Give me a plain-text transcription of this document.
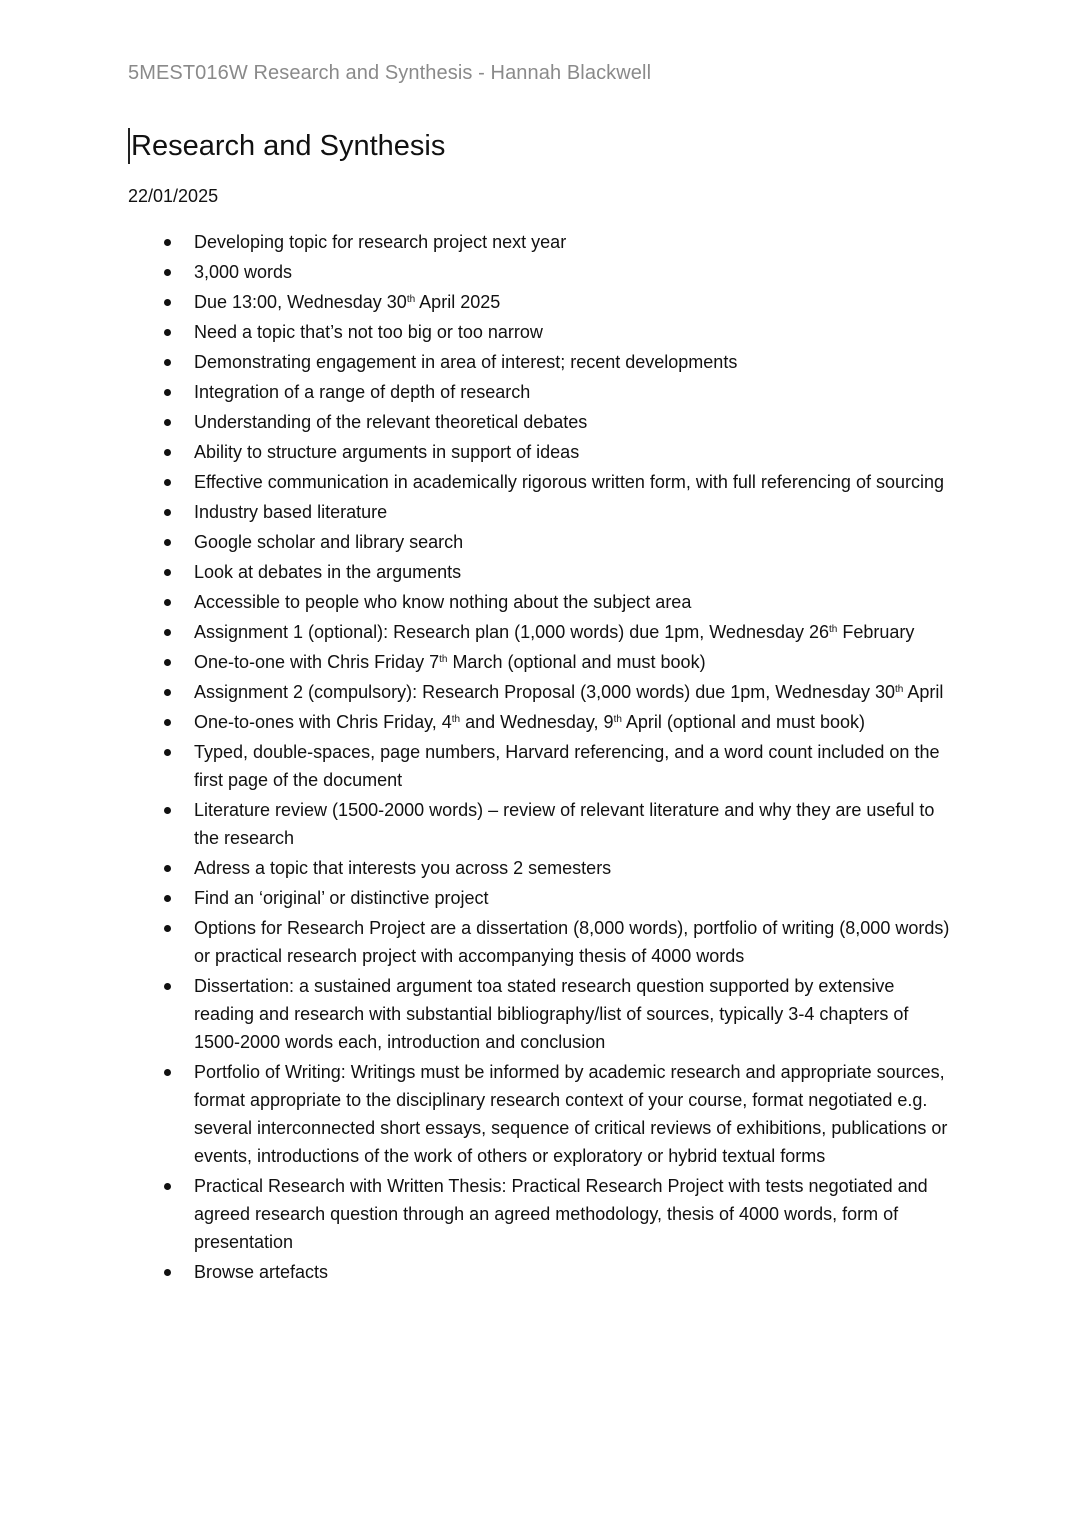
5MEST016W Research and Synthesis - Hannah Blackwell
Research and Synthesis
22/01/2025
Developing topic for research project next year
3,000 words
Due 13:00, Wednesday 30th April 2025
Need a topic that’s not too big or too narrow
Demonstrating engagement in area of interest; recent developments
Integration of a range of depth of research
Understanding of the relevant theoretical debates
Ability to structure arguments in support of ideas
Effective communication in academically rigorous written form, with full referencing of sourcing
Industry based literature
Google scholar and library search
Look at debates in the arguments
Accessible to people who know nothing about the subject area
Assignment 1 (optional): Research plan (1,000 words) due 1pm, Wednesday 26th February
One-to-one with Chris Friday 7th March (optional and must book)
Assignment 2 (compulsory): Research Proposal (3,000 words) due 1pm, Wednesday 30th April
One-to-ones with Chris Friday, 4th and Wednesday, 9th April (optional and must book)
Typed, double-spaces, page numbers, Harvard referencing, and a word count included on the first page of the document
Literature review (1500-2000 words) – review of relevant literature and why they are useful to the research
Adress a topic that interests you across 2 semesters
Find an ‘original’ or distinctive project
Options for Research Project are a dissertation (8,000 words), portfolio of writing (8,000 words) or practical research project with accompanying thesis of 4000 words
Dissertation: a sustained argument toa stated research question supported by extensive reading and research with substantial bibliography/list of sources, typically 3-4 chapters of 1500-2000 words each, introduction and conclusion
Portfolio of Writing: Writings must be informed by academic research and appropriate sources, format appropriate to the disciplinary research context of your course, format negotiated e.g. several interconnected short essays, sequence of critical reviews of exhibitions, publications or events, introductions of the work of others or exploratory or hybrid textual forms
Practical Research with Written Thesis: Practical Research Project with tests negotiated and agreed research question through an agreed methodology, thesis of 4000 words, form of presentation
Browse artefacts
